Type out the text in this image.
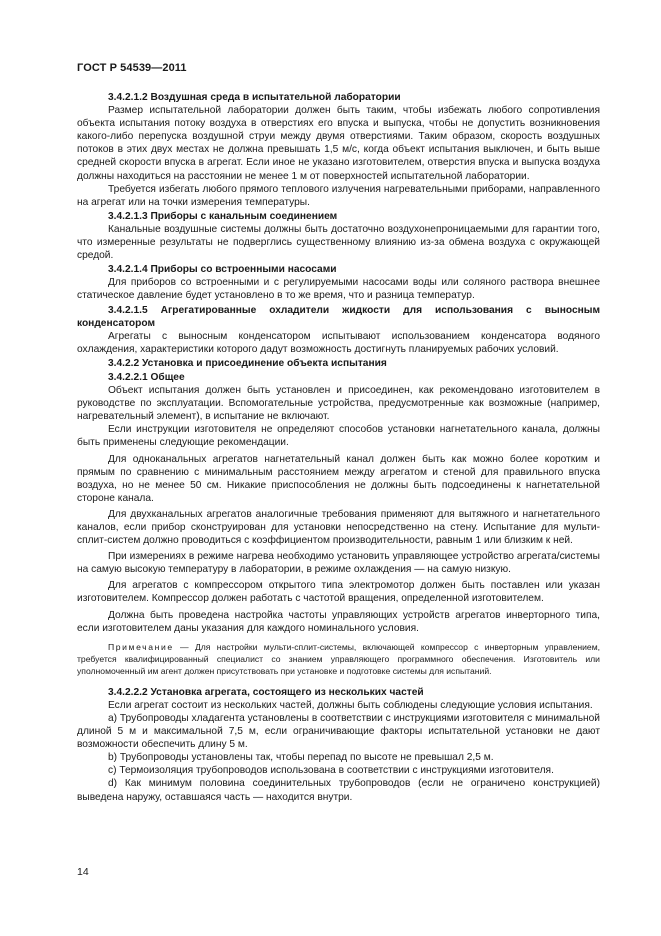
ГОСТ Р 54539—2011

3.4.2.1.2 Воздушная среда в испытательной лаборатории

Размер испытательной лаборатории должен быть таким, чтобы избежать любого сопротивления объекта испытания потоку воздуха в отверстиях его впуска и выпуска, чтобы не допустить возникновения какого-либо перепуска воздушной струи между двумя отверстиями. Таким образом, скорость воздушных потоков в этих двух местах не должна превышать 1,5 м/с, когда объект испытания выключен, и быть выше средней скорости впуска в агрегат. Если иное не указано изготовителем, отверстия впуска и выпуска воздуха должны находиться на расстоянии не менее 1 м от поверхностей испытательной лаборатории.

Требуется избегать любого прямого теплового излучения нагревательными приборами, направленного на агрегат или на точки измерения температуры.

3.4.2.1.3 Приборы с канальным соединением

Канальные воздушные системы должны быть достаточно воздухонепроницаемыми для гарантии того, что измеренные результаты не подверглись существенному влиянию из-за обмена воздуха с окружающей средой.

3.4.2.1.4 Приборы со встроенными насосами

Для приборов со встроенными и с регулируемыми насосами воды или соляного раствора внешнее статическое давление будет установлено в то же время, что и разница температур.

3.4.2.1.5 Агрегатированные охладители жидкости для использования с выносным конденсатором

Агрегаты с выносным конденсатором испытывают использованием конденсатора водяного охлаждения, характеристики которого дадут возможность достигнуть планируемых рабочих условий.

3.4.2.2 Установка и присоединение объекта испытания

3.4.2.2.1 Общее

Объект испытания должен быть установлен и присоединен, как рекомендовано изготовителем в руководстве по эксплуатации. Вспомогательные устройства, предусмотренные как возможные (например, нагревательный элемент), в испытание не включают.

Если инструкции изготовителя не определяют способов установки нагнетательного канала, должны быть применены следующие рекомендации.

Для одноканальных агрегатов нагнетательный канал должен быть как можно более коротким и прямым по сравнению с минимальным расстоянием между агрегатом и стеной для правильного впуска воздуха, но не менее 50 см. Никакие приспособления не должны быть подсоединены к нагнетательной стороне канала.

Для двухканальных агрегатов аналогичные требования применяют для вытяжного и нагнетательного каналов, если прибор сконструирован для установки непосредственно на стену. Испытание для мульти-сплит-систем должно проводиться с коэффициентом производительности, равным 1 или близким к ней.

При измерениях в режиме нагрева необходимо установить управляющее устройство агрегата/системы на самую высокую температуру в лаборатории, в режиме охлаждения — на самую низкую.

Для агрегатов с компрессором открытого типа электромотор должен быть поставлен или указан изготовителем. Компрессор должен работать с частотой вращения, определенной изготовителем.

Должна быть проведена настройка частоты управляющих устройств агрегатов инверторного типа, если изготовителем даны указания для каждого номинального условия.

Примечание — Для настройки мульти-сплит-системы, включающей компрессор с инверторным управлением, требуется квалифицированный специалист со знанием управляющего программного обеспечения. Изготовитель или уполномоченный им агент должен присутствовать при установке и подготовке системы для испытаний.

3.4.2.2.2 Установка агрегата, состоящего из нескольких частей

Если агрегат состоит из нескольких частей, должны быть соблюдены следующие условия испытания.

a) Трубопроводы хладагента установлены в соответствии с инструкциями изготовителя с минимальной длиной 5 м и максимальной 7,5 м, если ограничивающие факторы испытательной установки не дают возможности обеспечить длину 5 м.

b) Трубопроводы установлены так, чтобы перепад по высоте не превышал 2,5 м.

c) Термоизоляция трубопроводов использована в соответствии с инструкциями изготовителя.

d) Как минимум половина соединительных трубопроводов (если не ограничено конструкцией) выведена наружу, оставшаяся часть — находится внутри.

14
